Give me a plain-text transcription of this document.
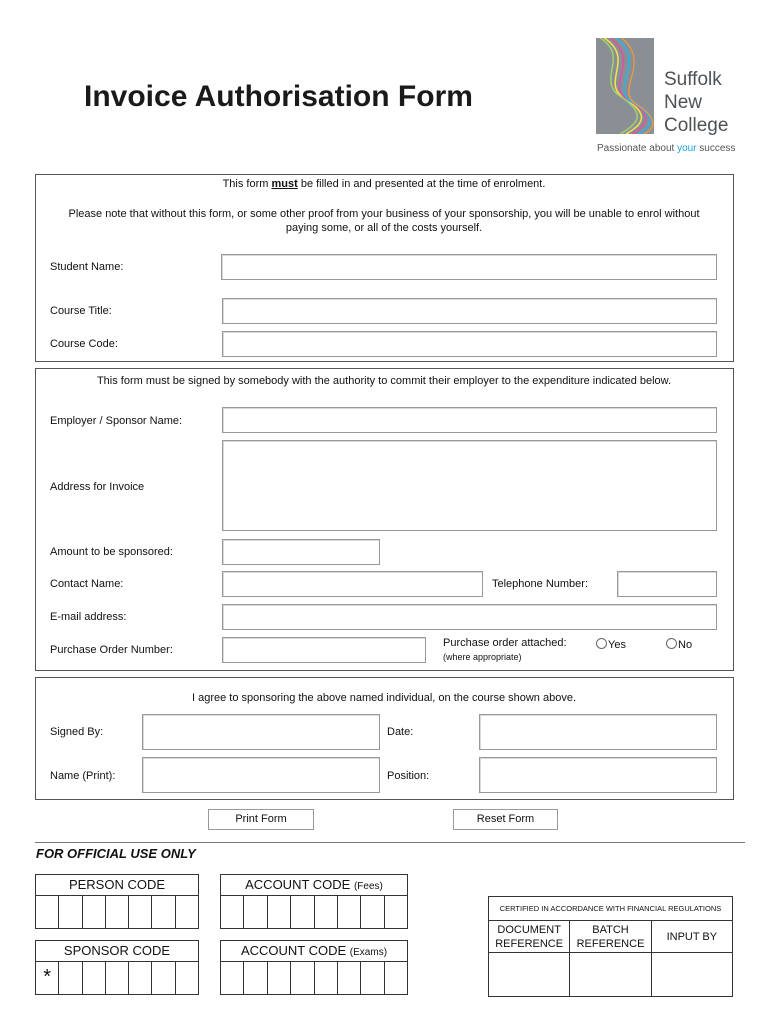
Invoice Authorisation Form
Suffolk
New
College
Passionate about your success
This form must be filled in and presented at the time of enrolment.
Please note that without this form, or some other proof from your business of your sponsorship, you will be unable to enrol without paying some, or all of the costs yourself.
Student Name:
Course Title:
Course Code:
This form must be signed by somebody with the authority to commit their employer to the expenditure indicated below.
Employer / Sponsor Name:
Address for Invoice
Amount to be sponsored:
Contact Name:	Telephone Number:
E-mail address:
Purchase Order Number:
Purchase order attached:
(where appropriate)
Yes	No
I agree to sponsoring the above named individual, on the course shown above.
Signed By:	Date:
Name (Print):	Position:
Print Form	Reset Form
FOR OFFICIAL USE ONLY
PERSON CODE	ACCOUNT CODE (Fees)
SPONSOR CODE
*
ACCOUNT CODE (Exams)
CERTIFIED IN ACCORDANCE WITH FINANCIAL REGULATIONS		
DOCUMENT REFERENCE	BATCH REFERENCE	INPUT BY
